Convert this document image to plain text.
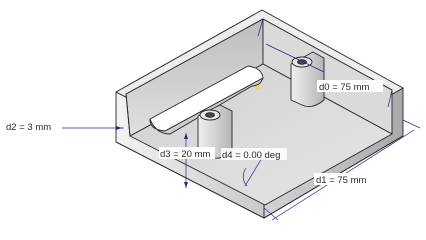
d0 = 75 mm
d1 = 75 mm
d2 = 3 mm
d3 = 20 mm d4 = 0.00 deg
